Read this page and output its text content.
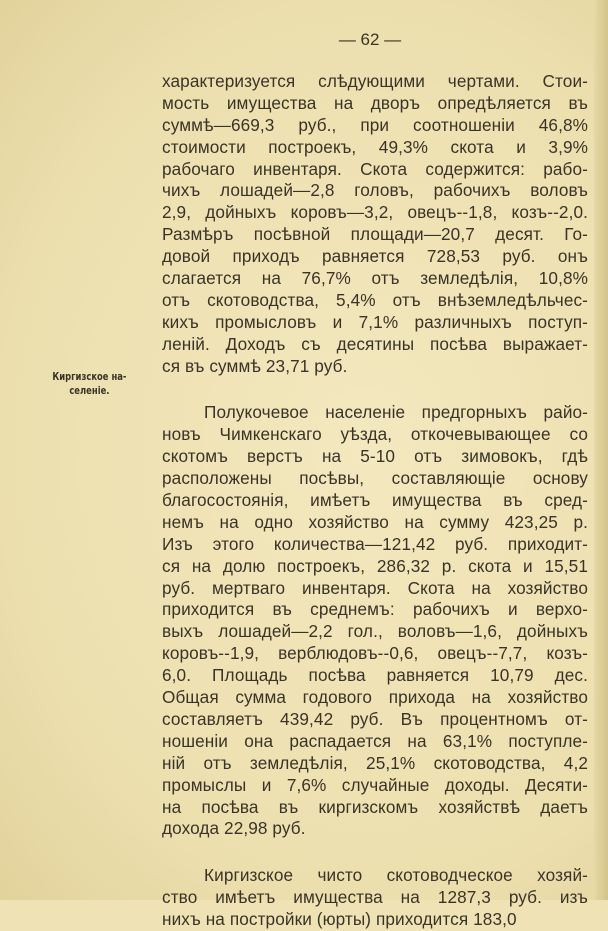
— 62 —
Киргизское на-
селеніе.
характеризуется слѣдующими чертами. Стои-
мость имущества на дворъ опредѣляется въ
суммѣ—669,3 руб., при соотношеніи 46,8%
стоимости построекъ, 49,3% скота и 3,9%
рабочаго инвентаря. Скота содержится: рабо-
чихъ лошадей—2,8 головъ, рабочихъ воловъ
2,9, дойныхъ коровъ—3,2, овецъ--1,8, козъ--2,0.
Размѣръ посѣвной площади—20,7 десят. Го-
довой приходъ равняется 728,53 руб. онъ
слагается на 76,7% отъ земледѣлія, 10,8%
отъ скотоводства, 5,4% отъ внѣземледѣльчес-
кихъ промысловъ и 7,1% различныхъ поступ-
леній. Доходъ съ десятины посѣва выражает-
ся въ суммѣ 23,71 руб.
Полукочевое населеніе предгорныхъ райо-
новъ Чимкенскаго уѣзда, откочевывающее со
скотомъ верстъ на 5-10 отъ зимовокъ, гдѣ
расположены посѣвы, составляющіе основу
благосостоянія, имѣетъ имущества въ сред-
немъ на одно хозяйство на сумму 423,25 р.
Изъ этого количества—121,42 руб. приходит-
ся на долю построекъ, 286,32 р. скота и 15,51
руб. мертваго инвентаря. Скота на хозяйство
приходится въ среднемъ: рабочихъ и верхо-
выхъ лошадей—2,2 гол., воловъ—1,6, дойныхъ
коровъ--1,9, верблюдовъ--0,6, овецъ--7,7, козъ-
6,0. Площадь посѣва равняется 10,79 дес.
Общая сумма годового прихода на хозяйство
составляетъ 439,42 руб. Въ процентномъ от-
ношеніи она распадается на 63,1% поступле-
ній отъ земледѣлія, 25,1% скотоводства, 4,2
промыслы и 7,6% случайные доходы. Десяти-
на посѣва въ киргизскомъ хозяйствѣ даетъ
дохода 22,98 руб.
Киргизское чисто скотоводческое хозяй-
ство имѣетъ имущества на 1287,3 руб. изъ
нихъ на постройки (юрты) приходится 183,0
